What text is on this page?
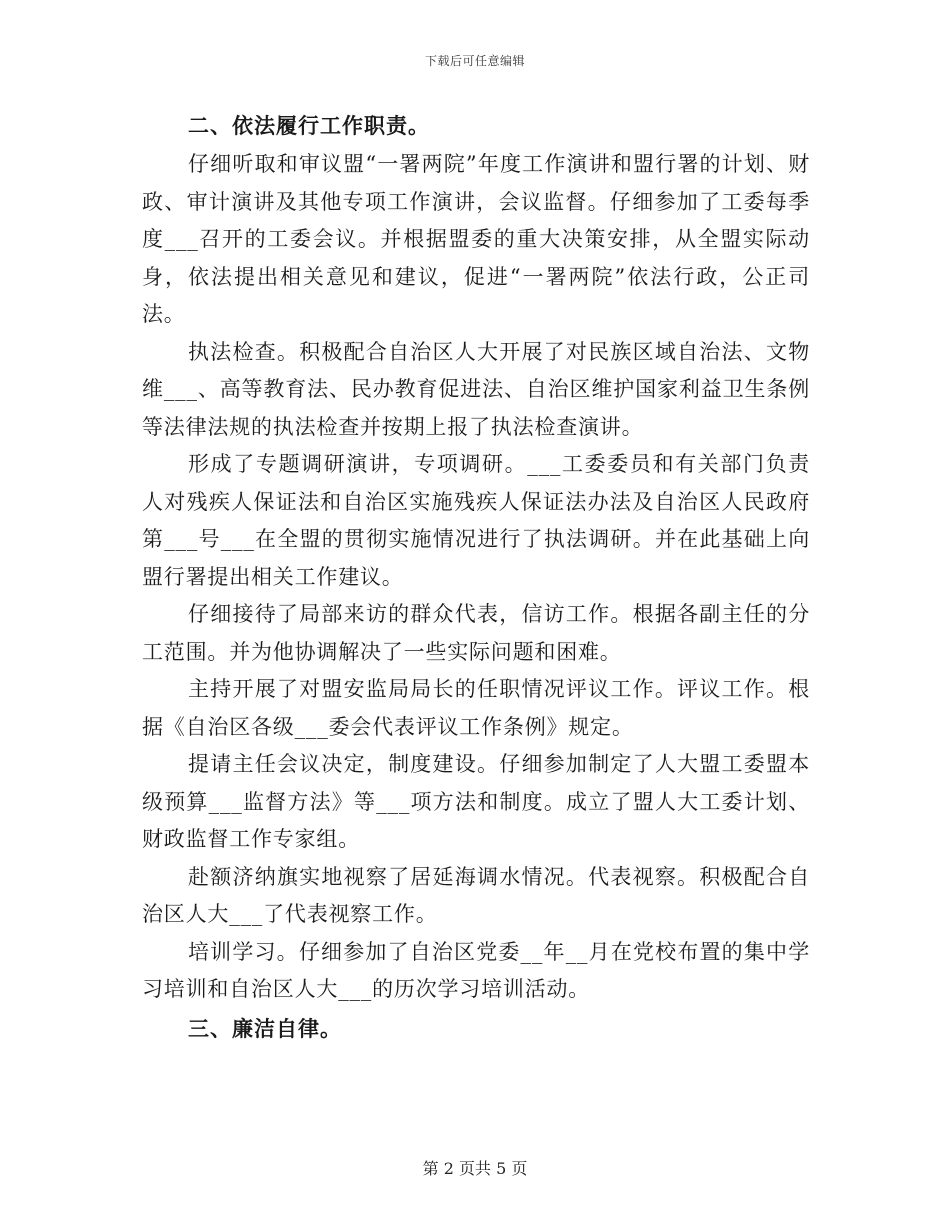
下载后可任意编辑

二、依法履行工作职责。

仔细听取和审议盟“一署两院”年度工作演讲和盟行署的计划、财政、审计演讲及其他专项工作演讲，会议监督。仔细参加了工委每季度___召开的工委会议。并根据盟委的重大决策安排，从全盟实际动身，依法提出相关意见和建议，促进“一署两院”依法行政，公正司法。

执法检查。积极配合自治区人大开展了对民族区域自治法、文物维___、高等教育法、民办教育促进法、自治区维护国家利益卫生条例等法律法规的执法检查并按期上报了执法检查演讲。

形成了专题调研演讲，专项调研。___工委委员和有关部门负责人对残疾人保证法和自治区实施残疾人保证法办法及自治区人民政府第___号___在全盟的贯彻实施情况进行了执法调研。并在此基础上向盟行署提出相关工作建议。

仔细接待了局部来访的群众代表，信访工作。根据各副主任的分工范围。并为他协调解决了一些实际问题和困难。

主持开展了对盟安监局局长的任职情况评议工作。评议工作。根据《自治区各级___委会代表评议工作条例》规定。

提请主任会议决定，制度建设。仔细参加制定了人大盟工委盟本级预算___监督方法》等___项方法和制度。成立了盟人大工委计划、财政监督工作专家组。

赴额济纳旗实地视察了居延海调水情况。代表视察。积极配合自治区人大___了代表视察工作。

培训学习。仔细参加了自治区党委__年__月在党校布置的集中学习培训和自治区人大___的历次学习培训活动。

三、廉洁自律。

第 2 页共 5 页
